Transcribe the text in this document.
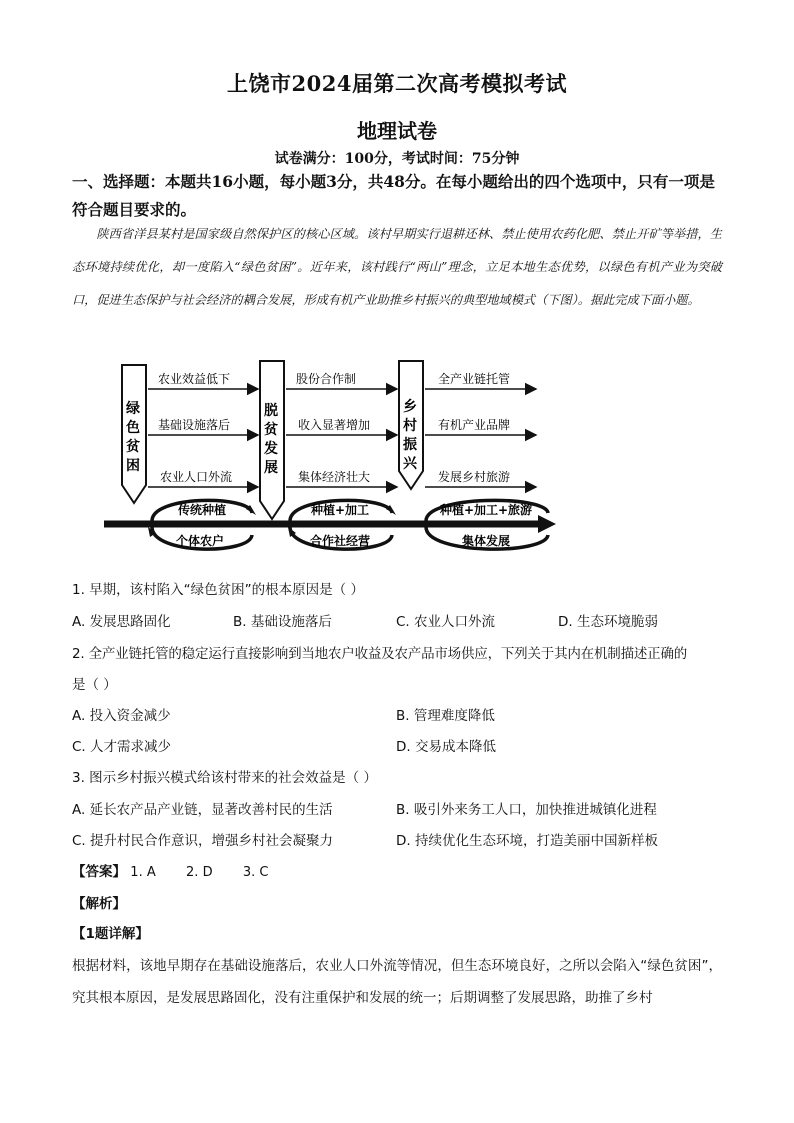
上饶市2024届第二次高考模拟考试
地理试卷
试卷满分：100分，考试时间：75分钟
一、选择题：本题共16小题，每小题3分，共48分。在每小题给出的四个选项中，只有一项是符合题目要求的。
陕西省洋县某村是国家级自然保护区的核心区域。该村早期实行退耕还林、禁止使用农药化肥、禁止开矿等举措，生态环境持续优化，却一度陷入“绿色贫困”。近年来，该村践行“两山”理念，立足本地生态优势，以绿色有机产业为突破口，促进生态保护与社会经济的耦合发展，形成有机产业助推乡村振兴的典型地域模式（下图）。据此完成下面小题。
绿色贫困
脱贫发展
乡村振兴
农业效益低下
基础设施落后
农业人口外流
股份合作制
收入显著增加
集体经济壮大
全产业链托管
有机产业品牌
发展乡村旅游
传统种植
个体农户
种植+加工
合作社经营
种植+加工+旅游
集体发展
1. 早期，该村陷入“绿色贫困”的根本原因是（ ）
A. 发展思路固化	B. 基础设施落后	C. 农业人口外流	D. 生态环境脆弱
2. 全产业链托管的稳定运行直接影响到当地农户收益及农产品市场供应，下列关于其内在机制描述正确的
是（ ）
A. 投入资金减少	B. 管理难度降低
C. 人才需求减少	D. 交易成本降低
3. 图示乡村振兴模式给该村带来的社会效益是（ ）
A. 延长农产品产业链，显著改善村民的生活	B. 吸引外来务工人口，加快推进城镇化进程
C. 提升村民合作意识，增强乡村社会凝聚力	D. 持续优化生态环境，打造美丽中国新样板
【答案】 1. A 2. D 3. C
【解析】
【1题详解】
根据材料，该地早期存在基础设施落后，农业人口外流等情况，但生态环境良好，之所以会陷入“绿色贫困”，究其根本原因，是发展思路固化，没有注重保护和发展的统一；后期调整了发展思路，助推了乡村
